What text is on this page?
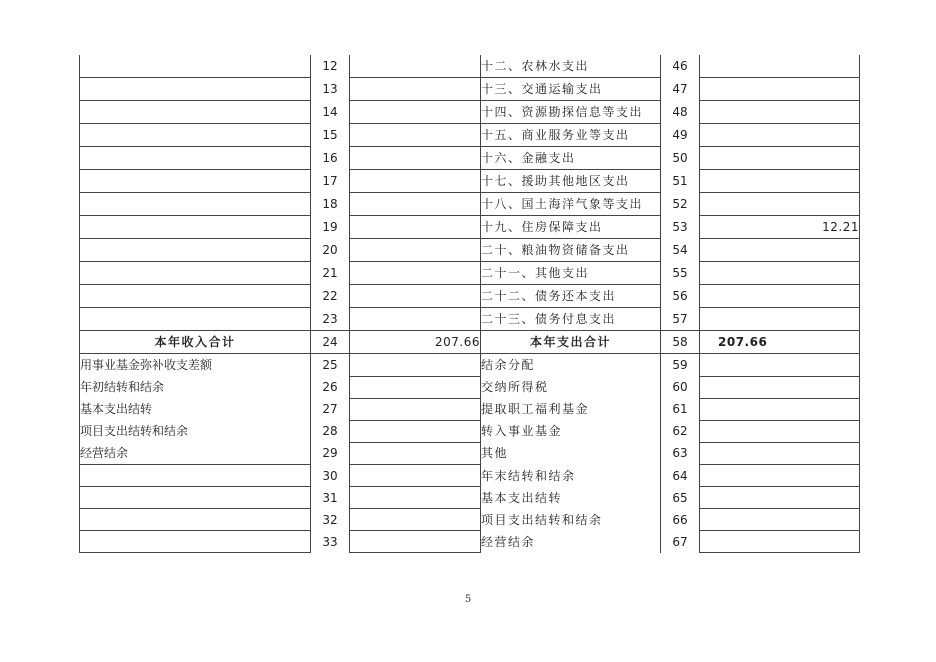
	12		十二、农林水支出	46	
	13		十三、交通运输支出	47	
	14		十四、资源勘探信息等支出	48	
	15		十五、商业服务业等支出	49	
	16		十六、金融支出	50	
	17		十七、援助其他地区支出	51	
	18		十八、国土海洋气象等支出	52	
	19		十九、住房保障支出	53	12.21
	20		二十、粮油物资储备支出	54	
	21		二十一、其他支出	55	
	22		二十二、债务还本支出	56	
	23		二十三、债务付息支出	57	
本年收入合计	24	207.66	本年支出合计	58	207.66
用事业基金弥补收支差额	25		结余分配	59	
年初结转和结余	26		交纳所得税	60	
基本支出结转	27		提取职工福利基金	61	
项目支出结转和结余	28		转入事业基金	62	
经营结余	29		其他	63	
	30		年末结转和结余	64	
	31		基本支出结转	65	
	32		项目支出结转和结余	66	
	33		经营结余	67	
5
